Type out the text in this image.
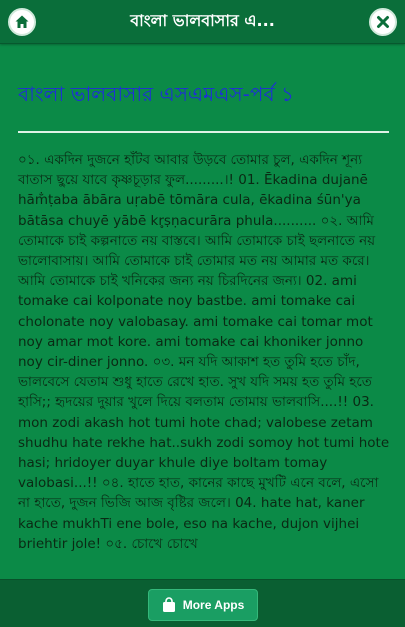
বাংলা ভালবাসার এ...
বাংলা ভালবাসার এসএমএস-পর্ব ১

০১. একদিন দুজনে হাঁটব আবার উড়বে তোমার চুল, একদিন শূন্য বাতাস ছুয়ে যাবে কৃষ্ণচূড়ার ফুল.........।! 01. Ēkadina dujanē hām̐ṭaba ābāra uṛabē tōmāra cula, ēkadina śūn'ya bātāsa chuyē yābē kr̥ṣṇacurāra phula.......... ০২. আমি তোমাকে চাই কল্পনাতে নয় বাস্তবে। আমি তোমাকে চাই ছলনাতে নয় ভালোবাসায়। আমি তোমাকে চাই তোমার মত নয় আমার মত করে। আমি তোমাকে চাই খনিকের জন্য নয় চিরদিনের জন্য। 02. ami tomake cai kolponate noy bastbe. ami tomake cai cholonate noy valobasay. ami tomake cai tomar mot noy amar mot kore. ami tomake cai khoniker jonno noy cir-diner jonno. ০৩. মন যদি আকাশ হত তুমি হতে চাঁদ, ভালবেসে যেতাম শুধু হাতে রেখে হাত. সুখ যদি সময় হত তুমি হতে হাসি;; হৃদয়ের দুয়ার খুলে দিয়ে বলতাম তোমায় ভালবাসি....!! 03. mon zodi akash hot tumi hote chad; valobese zetam shudhu hate rekhe hat..sukh zodi somoy hot tumi hote hasi; hridoyer duyar khule diye boltam tomay valobasi...!! ০৪. হাতে হাত, কানের কাছে মুখটি এনে বলে, এসো না হাতে, দুজন ভিজি আজ বৃষ্টির জলে। 04. hate hat, kaner kache mukhTi ene bole, eso na kache, dujon vijhei briehtir jole! ০৫. চোখে চোখে

More Apps
